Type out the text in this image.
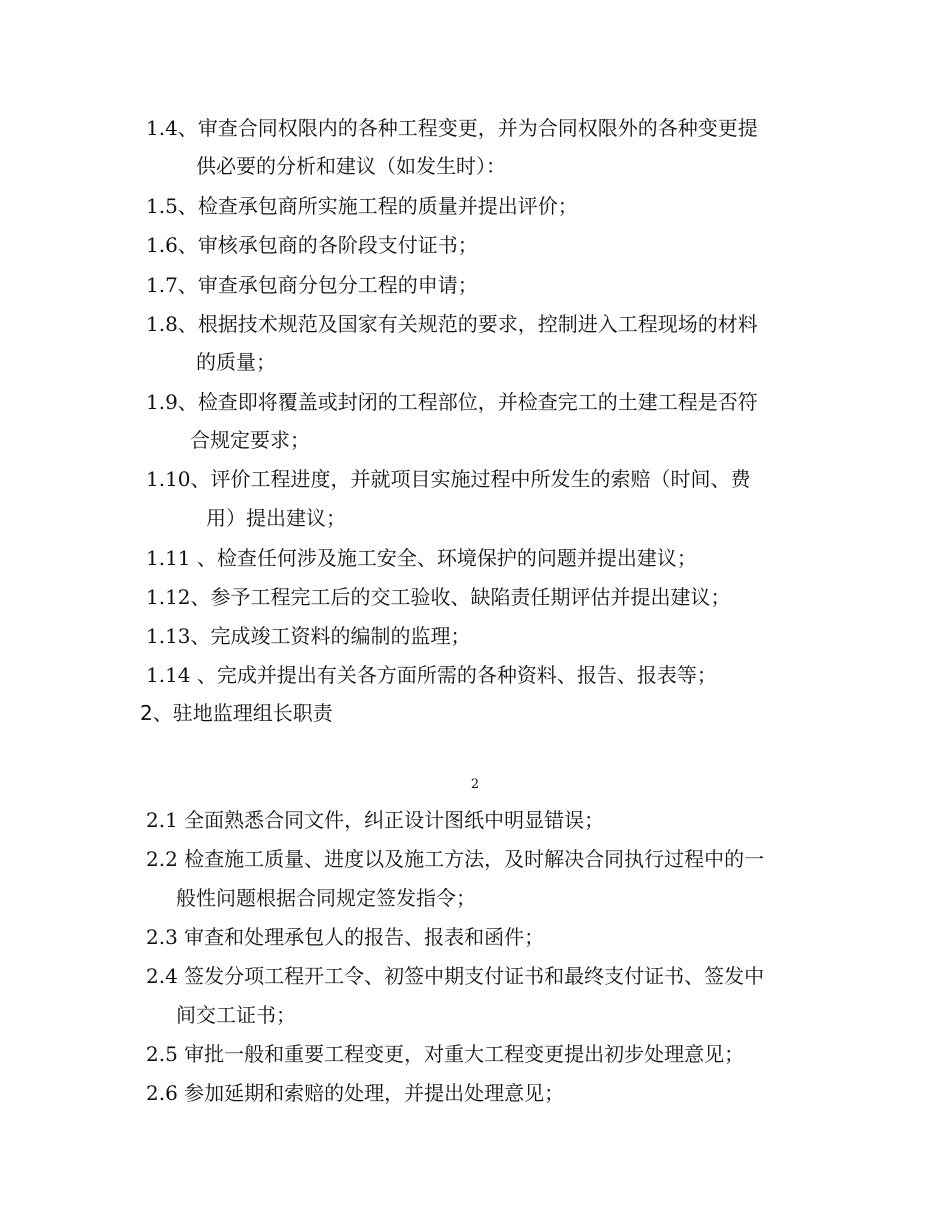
1.4、审查合同权限内的各种工程变更，并为合同权限外的各种变更提
供必要的分析和建议（如发生时）：
1.5、检查承包商所实施工程的质量并提出评价；
1.6、审核承包商的各阶段支付证书；
1.7、审查承包商分包分工程的申请；
1.8、根据技术规范及国家有关规范的要求，控制进入工程现场的材料
的质量；
1.9、检查即将覆盖或封闭的工程部位，并检查完工的土建工程是否符
合规定要求；
1.10、评价工程进度，并就项目实施过程中所发生的索赔（时间、费
用）提出建议；
1.11 、检查任何涉及施工安全、环境保护的问题并提出建议；
1.12、参予工程完工后的交工验收、缺陷责任期评估并提出建议；
1.13、完成竣工资料的编制的监理；
1.14 、完成并提出有关各方面所需的各种资料、报告、报表等；
2、驻地监理组长职责
2
2.1 全面熟悉合同文件，纠正设计图纸中明显错误；
2.2 检查施工质量、进度以及施工方法，及时解决合同执行过程中的一
般性问题根据合同规定签发指令；
2.3 审查和处理承包人的报告、报表和函件；
2.4 签发分项工程开工令、初签中期支付证书和最终支付证书、签发中
间交工证书；
2.5 审批一般和重要工程变更，对重大工程变更提出初步处理意见；
2.6 参加延期和索赔的处理，并提出处理意见；
